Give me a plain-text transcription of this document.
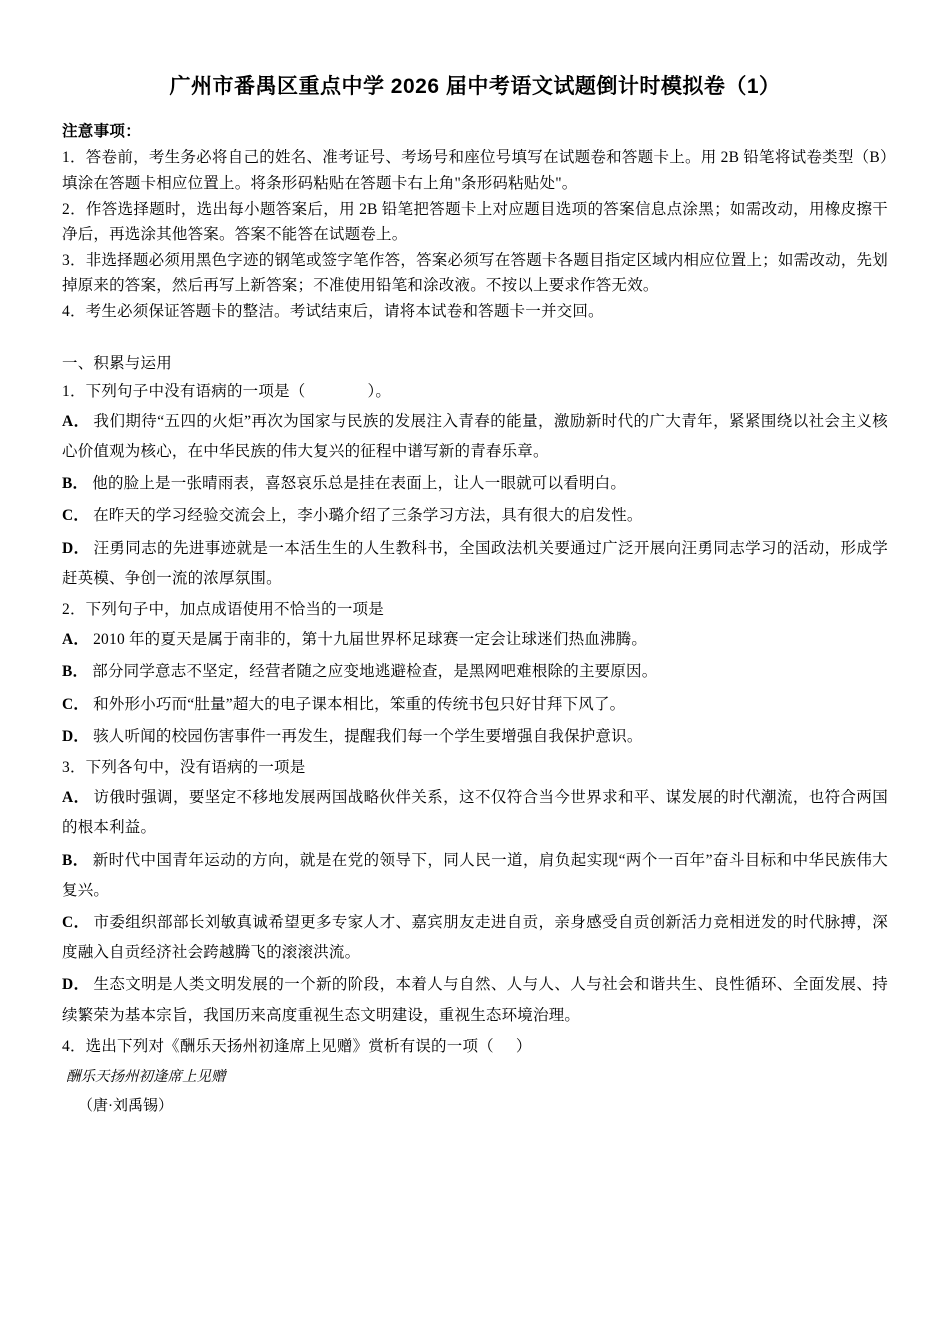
广州市番禺区重点中学 2026 届中考语文试题倒计时模拟卷（1）
注意事项：

1．答卷前，考生务必将自己的姓名、准考证号、考场号和座位号填写在试题卷和答题卡上。用 2B 铅笔将试卷类型（B）填涂在答题卡相应位置上。将条形码粘贴在答题卡右上角"条形码粘贴处"。

2．作答选择题时，选出每小题答案后，用 2B 铅笔把答题卡上对应题目选项的答案信息点涂黑；如需改动，用橡皮擦干净后，再选涂其他答案。答案不能答在试题卷上。

3．非选择题必须用黑色字迹的钢笔或签字笔作答，答案必须写在答题卡各题目指定区域内相应位置上；如需改动，先划掉原来的答案，然后再写上新答案；不准使用铅笔和涂改液。不按以上要求作答无效。

4．考生必须保证答题卡的整洁。考试结束后，请将本试卷和答题卡一并交回。

一、积累与运用

1．下列句子中没有语病的一项是（	）。

A． 我们期待“五四的火炬”再次为国家与民族的发展注入青春的能量，激励新时代的广大青年，紧紧围绕以社会主义核心价值观为核心，在中华民族的伟大复兴的征程中谱写新的青春乐章。

B． 他的脸上是一张晴雨表，喜怒哀乐总是挂在表面上，让人一眼就可以看明白。

C． 在昨天的学习经验交流会上，李小璐介绍了三条学习方法，具有很大的启发性。

D． 汪勇同志的先进事迹就是一本活生生的人生教科书，全国政法机关要通过广泛开展向汪勇同志学习的活动，形成学赶英模、争创一流的浓厚氛围。

2．下列句子中，加点成语使用不恰当的一项是

A． 2010 年的夏天是属于南非的，第十九届世界杯足球赛一定会让球迷们热血沸腾。

B． 部分同学意志不坚定，经营者随之应变地逃避检查，是黑网吧难根除的主要原因。

C． 和外形小巧而“肚量”超大的电子课本相比，笨重的传统书包只好甘拜下风了。

D． 骇人听闻的校园伤害事件一再发生，提醒我们每一个学生要增强自我保护意识。

3．下列各句中，没有语病的一项是

A． 访俄时强调，要坚定不移地发展两国战略伙伴关系，这不仅符合当今世界求和平、谋发展的时代潮流，也符合两国的根本利益。

B． 新时代中国青年运动的方向，就是在党的领导下，同人民一道，肩负起实现“两个一百年”奋斗目标和中华民族伟大复兴。

C． 市委组织部部长刘敏真诚希望更多专家人才、嘉宾朋友走进自贡，亲身感受自贡创新活力竞相迸发的时代脉搏，深度融入自贡经济社会跨越腾飞的滚滚洪流。

D． 生态文明是人类文明发展的一个新的阶段，本着人与自然、人与人、人与社会和谐共生、良性循环、全面发展、持续繁荣为基本宗旨，我国历来高度重视生态文明建设，重视生态环境治理。

4．选出下列对《酬乐天扬州初逢席上见赠》赏析有误的一项（ ）

酬乐天扬州初逢席上见赠

（唐·刘禹锡）
